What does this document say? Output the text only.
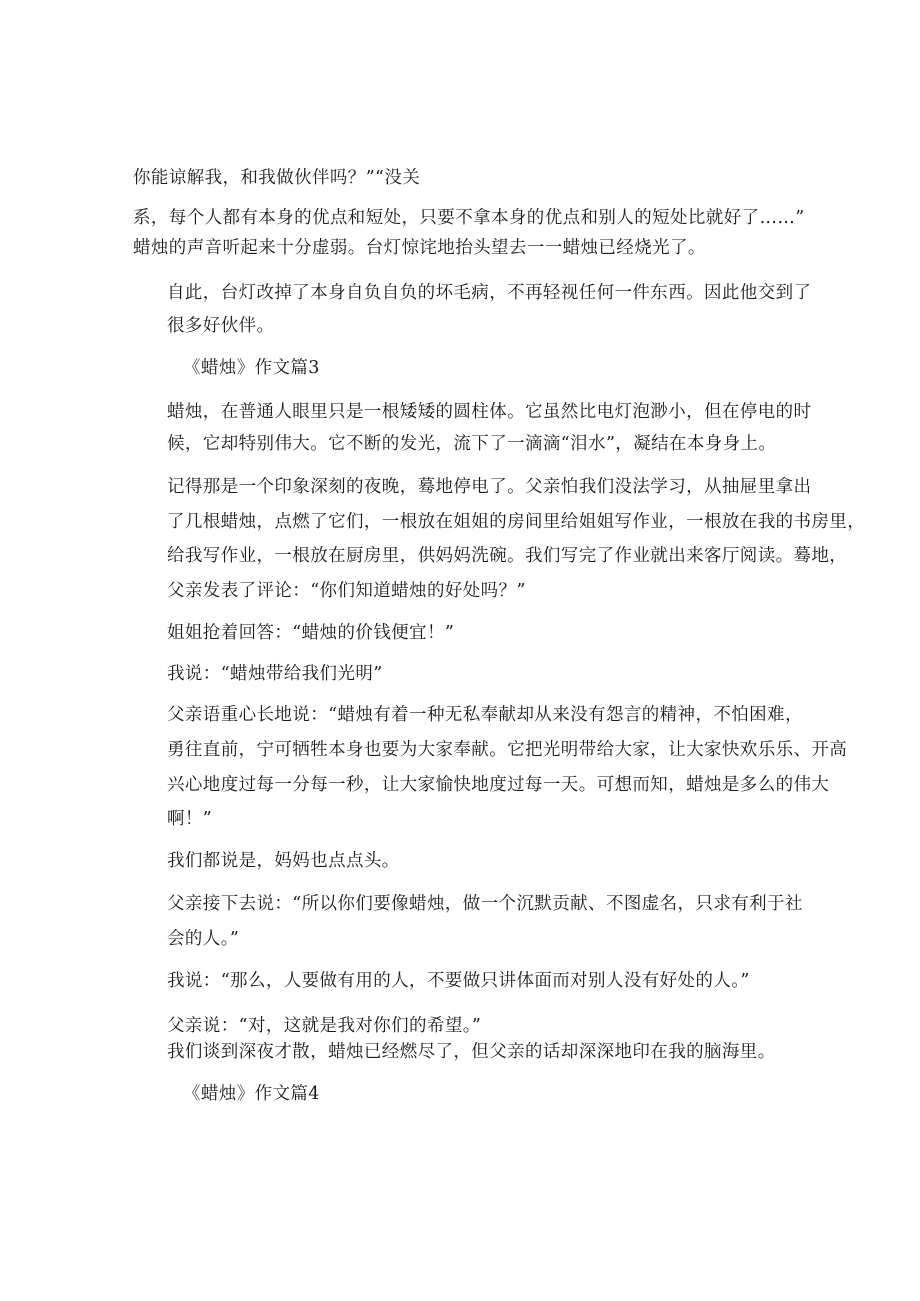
你能谅解我，和我做伙伴吗？”“没关
系，每个人都有本身的优点和短处，只要不拿本身的优点和别人的短处比就好了……”
蜡烛的声音听起来十分虚弱。台灯惊诧地抬头望去一一蜡烛已经烧光了。
自此，台灯改掉了本身自负自负的坏毛病，不再轻视任何一件东西。因此他交到了
很多好伙伴。
《蜡烛》作文篇3
蜡烛，在普通人眼里只是一根矮矮的圆柱体。它虽然比电灯泡渺小，但在停电的时
候，它却特别伟大。它不断的发光，流下了一滴滴“泪水”，凝结在本身身上。
记得那是一个印象深刻的夜晚，蓦地停电了。父亲怕我们没法学习，从抽屉里拿出
了几根蜡烛，点燃了它们，一根放在姐姐的房间里给姐姐写作业，一根放在我的书房里，
给我写作业，一根放在厨房里，供妈妈洗碗。我们写完了作业就出来客厅阅读。蓦地，
父亲发表了评论：“你们知道蜡烛的好处吗？”
姐姐抢着回答：“蜡烛的价钱便宜！”
我说：“蜡烛带给我们光明”
父亲语重心长地说：“蜡烛有着一种无私奉献却从来没有怨言的精神，不怕困难，
勇往直前，宁可牺牲本身也要为大家奉献。它把光明带给大家，让大家快欢乐乐、开高
兴心地度过每一分每一秒，让大家愉快地度过每一天。可想而知，蜡烛是多么的伟大
啊！”
我们都说是，妈妈也点点头。
父亲接下去说：“所以你们要像蜡烛，做一个沉默贡献、不图虚名，只求有利于社
会的人。”
我说：“那么，人要做有用的人，不要做只讲体面而对别人没有好处的人。”
父亲说：“对，这就是我对你们的希望。”
我们谈到深夜才散，蜡烛已经燃尽了，但父亲的话却深深地印在我的脑海里。
《蜡烛》作文篇4
